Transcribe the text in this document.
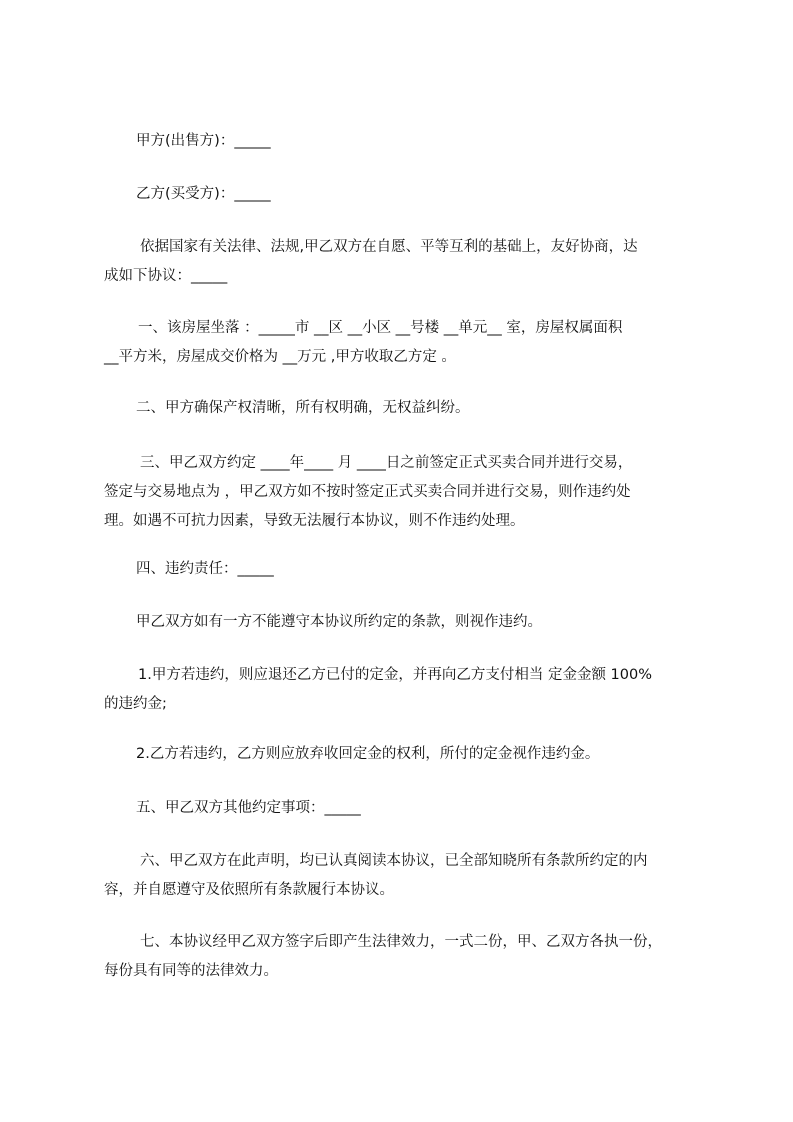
甲方(出售方)：_____

乙方(买受方)：_____

依据国家有关法律、法规,甲乙双方在自愿、平等互利的基础上，友好协商，达
成如下协议：_____

一、该房屋坐落 ：_____市 __区 __小区 __号楼 __单元__ 室，房屋权属面积
__平方米，房屋成交价格为 __万元 ,甲方收取乙方定 。

二、甲方确保产权清晰，所有权明确，无权益纠纷。

三、甲乙双方约定 ____年____ 月 ____日之前签定正式买卖合同并进行交易，
签定与交易地点为 ，甲乙双方如不按时签定正式买卖合同并进行交易，则作违约处
理。如遇不可抗力因素，导致无法履行本协议，则不作违约处理。

四、违约责任：_____

甲乙双方如有一方不能遵守本协议所约定的条款，则视作违约。

1.甲方若违约，则应退还乙方已付的定金，并再向乙方支付相当 定金金额 100%
的违约金;

2.乙方若违约，乙方则应放弃收回定金的权利，所付的定金视作违约金。

五、甲乙双方其他约定事项：_____

六、甲乙双方在此声明，均已认真阅读本协议，已全部知晓所有条款所约定的内
容，并自愿遵守及依照所有条款履行本协议。

七、本协议经甲乙双方签字后即产生法律效力，一式二份，甲、乙双方各执一份，
每份具有同等的法律效力。
